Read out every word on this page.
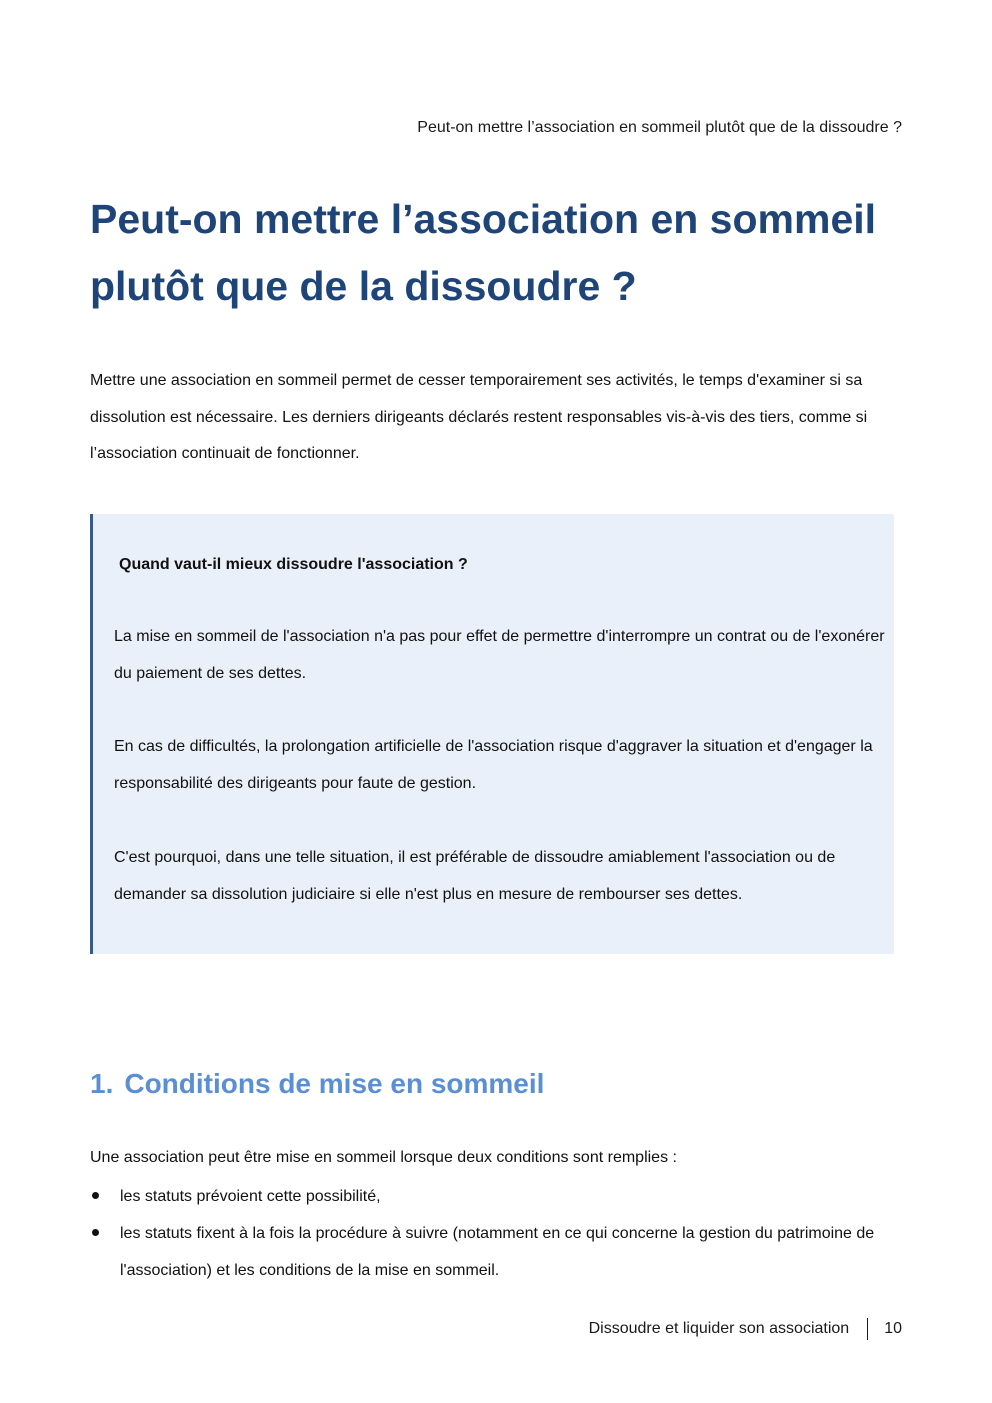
Peut-on mettre l’association en sommeil plutôt que de la dissoudre ?
Peut-on mettre l’association en sommeil plutôt que de la dissoudre ?

Mettre une association en sommeil permet de cesser temporairement ses activités, le temps d'examiner si sa dissolution est nécessaire. Les derniers dirigeants déclarés restent responsables vis-à-vis des tiers, comme si l’association continuait de fonctionner.

Quand vaut-il mieux dissoudre l'association ?

La mise en sommeil de l'association n'a pas pour effet de permettre d'interrompre un contrat ou de l'exonérer du paiement de ses dettes.

En cas de difficultés, la prolongation artificielle de l'association risque d'aggraver la situation et d'engager la responsabilité des dirigeants pour faute de gestion.

C'est pourquoi, dans une telle situation, il est préférable de dissoudre amiablement l'association ou de demander sa dissolution judiciaire si elle n'est plus en mesure de rembourser ses dettes.

1. Conditions de mise en sommeil

Une association peut être mise en sommeil lorsque deux conditions sont remplies :

les statuts prévoient cette possibilité,
les statuts fixent à la fois la procédure à suivre (notamment en ce qui concerne la gestion du patrimoine de l'association) et les conditions de la mise en sommeil.
Dissoudre et liquider son association 10
